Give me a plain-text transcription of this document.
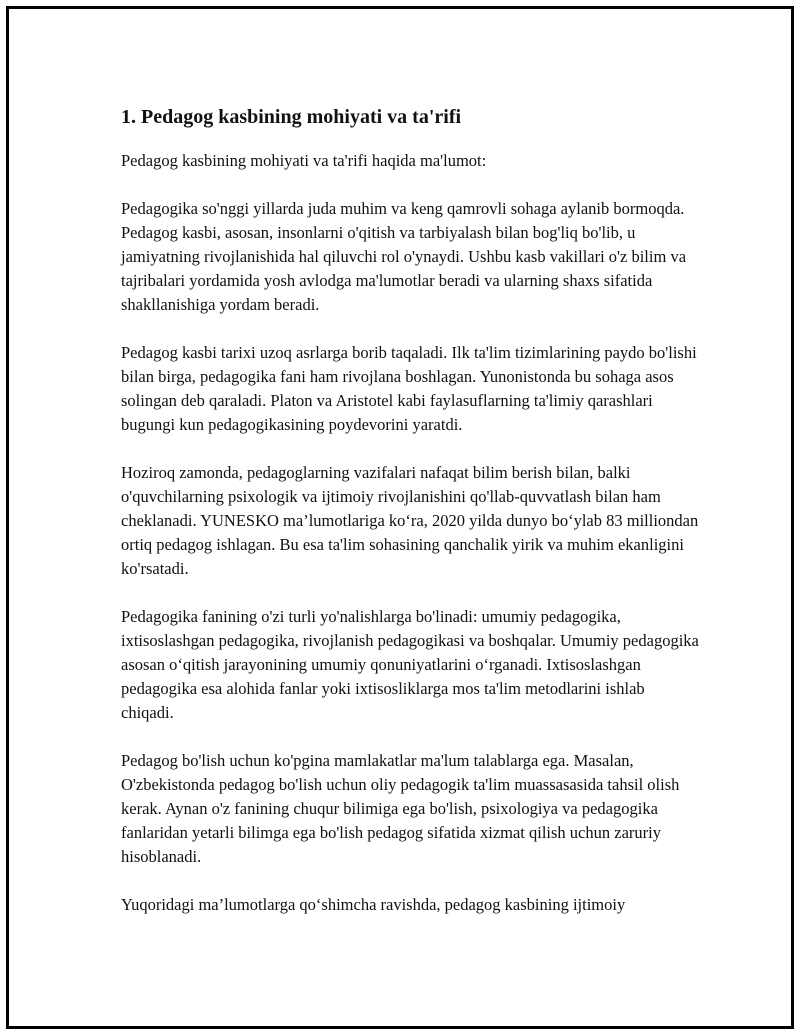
1. Pedagog kasbining mohiyati va ta'rifi

Pedagog kasbining mohiyati va ta'rifi haqida ma'lumot:

Pedagogika so'nggi yillarda juda muhim va keng qamrovli sohaga aylanib bormoqda. Pedagog kasbi, asosan, insonlarni o'qitish va tarbiyalash bilan bog'liq bo'lib, u jamiyatning rivojlanishida hal qiluvchi rol o'ynaydi. Ushbu kasb vakillari o'z bilim va tajribalari yordamida yosh avlodga ma'lumotlar beradi va ularning shaxs sifatida shakllanishiga yordam beradi.

Pedagog kasbi tarixi uzoq asrlarga borib taqaladi. Ilk ta'lim tizimlarining paydo bo'lishi bilan birga, pedagogika fani ham rivojlana boshlagan. Yunonistonda bu sohaga asos solingan deb qaraladi. Platon va Aristotel kabi faylasuflarning ta'limiy qarashlari bugungi kun pedagogikasining poydevorini yaratdi.

Hoziroq zamonda, pedagoglarning vazifalari nafaqat bilim berish bilan, balki o'quvchilarning psixologik va ijtimoiy rivojlanishini qo'llab-quvvatlash bilan ham cheklanadi. YUNESKO ma’lumotlariga ko‘ra, 2020 yilda dunyo bo‘ylab 83 milliondan ortiq pedagog ishlagan. Bu esa ta'lim sohasining qanchalik yirik va muhim ekanligini ko'rsatadi.

Pedagogika fanining o'zi turli yo'nalishlarga bo'linadi: umumiy pedagogika, ixtisoslashgan pedagogika, rivojlanish pedagogikasi va boshqalar. Umumiy pedagogika asosan o‘qitish jarayonining umumiy qonuniyatlarini o‘rganadi. Ixtisoslashgan pedagogika esa alohida fanlar yoki ixtisosliklarga mos ta'lim metodlarini ishlab chiqadi.

Pedagog bo'lish uchun ko'pgina mamlakatlar ma'lum talablarga ega. Masalan, O'zbekistonda pedagog bo'lish uchun oliy pedagogik ta'lim muassasasida tahsil olish kerak. Aynan o'z fanining chuqur bilimiga ega bo'lish, psixologiya va pedagogika fanlaridan yetarli bilimga ega bo'lish pedagog sifatida xizmat qilish uchun zaruriy hisoblanadi.

Yuqoridagi ma’lumotlarga qo‘shimcha ravishda, pedagog kasbining ijtimoiy
